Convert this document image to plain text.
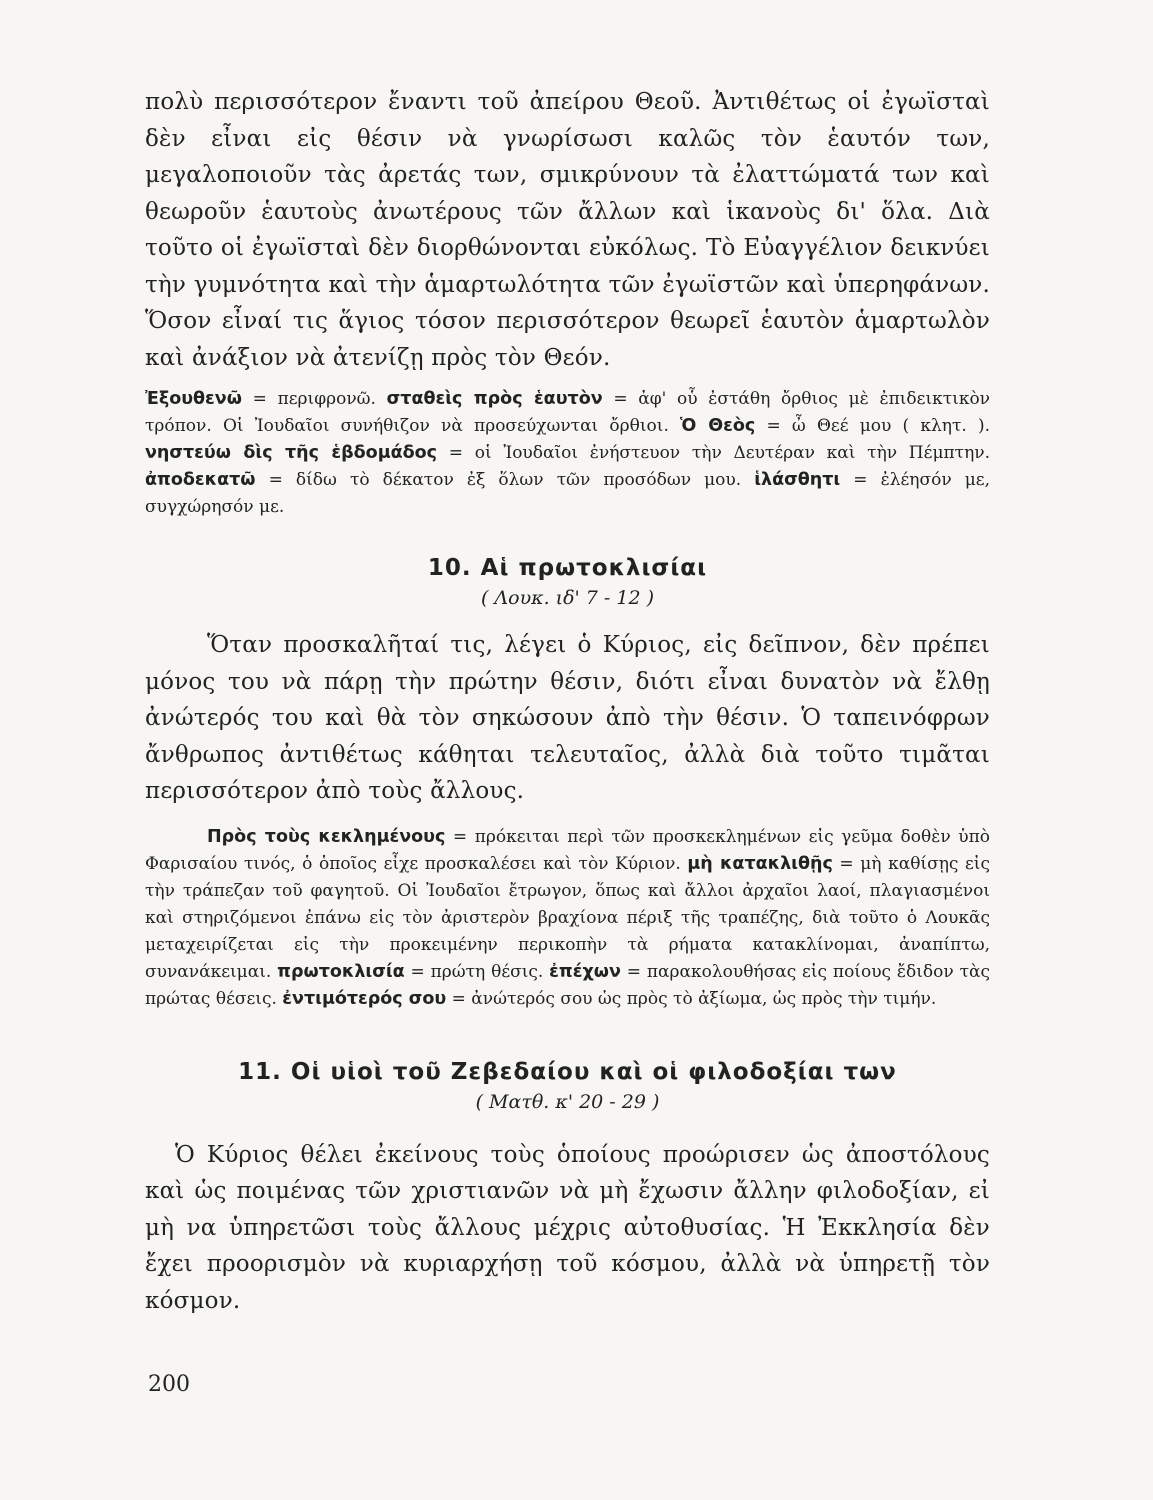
πολὺ περισσότερον ἔναντι τοῦ ἀπείρου Θεοῦ. Ἀντιθέτως οἱ ἐγωϊσταὶ δὲν εἶναι εἰς θέσιν νὰ γνωρίσωσι καλῶς τὸν ἑαυτόν των, μεγαλοποιοῦν τὰς ἀρετάς των, σμικρύνουν τὰ ἐλαττώματά των καὶ θεωροῦν ἑαυτοὺς ἀνωτέρους τῶν ἄλλων καὶ ἱκανοὺς δι' ὅλα. Διὰ τοῦτο οἱ ἐγωϊσταὶ δὲν διορθώνονται εὐκόλως. Τὸ Εὐαγγέλιον δεικνύει τὴν γυμνότητα καὶ τὴν ἁμαρτωλότητα τῶν ἐγωϊστῶν καὶ ὑπερηφάνων. Ὅσον εἶναί τις ἅγιος τόσον περισσότερον θεωρεῖ ἑαυτὸν ἁμαρτωλὸν καὶ ἀνάξιον νὰ ἀτενίζῃ πρὸς τὸν Θεόν.

Ἐξουθενῶ = περιφρονῶ. σταθεὶς πρὸς ἑαυτὸν = ἀφ' οὗ ἐστάθη ὄρθιος μὲ ἐπιδεικτικὸν τρόπον. Οἱ Ἰουδαῖοι συνήθιζον νὰ προσεύχωνται ὄρθιοι. Ὁ Θεὸς = ὦ Θεέ μου ( κλητ. ). νηστεύω δὶς τῆς ἑβδομάδος = οἱ Ἰουδαῖοι ἐνήστευον τὴν Δευτέραν καὶ τὴν Πέμπτην. ἀποδεκατῶ = δίδω τὸ δέκατον ἐξ ὅλων τῶν προσόδων μου. ἱλάσθητι = ἐλέησόν με, συγχώρησόν με.

10. Αἱ πρωτοκλισίαι

( Λουκ. ιδ' 7 - 12 )

Ὅταν προσκαλῆταί τις, λέγει ὁ Κύριος, εἰς δεῖπνον, δὲν πρέπει μόνος του νὰ πάρῃ τὴν πρώτην θέσιν, διότι εἶναι δυνατὸν νὰ ἔλθῃ ἀνώτερός του καὶ θὰ τὸν σηκώσουν ἀπὸ τὴν θέσιν. Ὁ ταπεινόφρων ἄνθρωπος ἀντιθέτως κάθηται τελευταῖος, ἀλλὰ διὰ τοῦτο τιμᾶται περισσότερον ἀπὸ τοὺς ἄλλους.

Πρὸς τοὺς κεκλημένους = πρόκειται περὶ τῶν προσκεκλημένων εἰς γεῦμα δοθὲν ὑπὸ Φαρισαίου τινός, ὁ ὁποῖος εἶχε προσκαλέσει καὶ τὸν Κύριον. μὴ κατακλιθῇς = μὴ καθίσῃς εἰς τὴν τράπεζαν τοῦ φαγητοῦ. Οἱ Ἰουδαῖοι ἔτρωγον, ὅπως καὶ ἄλλοι ἀρχαῖοι λαοί, πλαγιασμένοι καὶ στηριζόμενοι ἐπάνω εἰς τὸν ἀριστερὸν βραχίονα πέριξ τῆς τραπέζης, διὰ τοῦτο ὁ Λουκᾶς μεταχειρίζεται εἰς τὴν προκειμένην περικοπὴν τὰ ρήματα κατακλίνομαι, ἀναπίπτω, συνανάκειμαι. πρωτοκλισία = πρώτη θέσις. ἐπέχων = παρακολουθήσας εἰς ποίους ἔδιδον τὰς πρώτας θέσεις. ἐντιμότερός σου = ἀνώτερός σου ὡς πρὸς τὸ ἀξίωμα, ὡς πρὸς τὴν τιμήν.

11. Οἱ υἱοὶ τοῦ Ζεβεδαίου καὶ οἱ φιλοδοξίαι των

( Ματθ. κ' 20 - 29 )

Ὁ Κύριος θέλει ἐκείνους τοὺς ὁποίους προώρισεν ὡς ἀποστόλους καὶ ὡς ποιμένας τῶν χριστιανῶν νὰ μὴ ἔχωσιν ἄλλην φιλοδοξίαν, εἰ μὴ να ὑπηρετῶσι τοὺς ἄλλους μέχρις αὐτοθυσίας. Ἡ Ἐκκλησία δὲν ἔχει προορισμὸν νὰ κυριαρχήσῃ τοῦ κόσμου, ἀλλὰ νὰ ὑπηρετῇ τὸν κόσμον.

200
